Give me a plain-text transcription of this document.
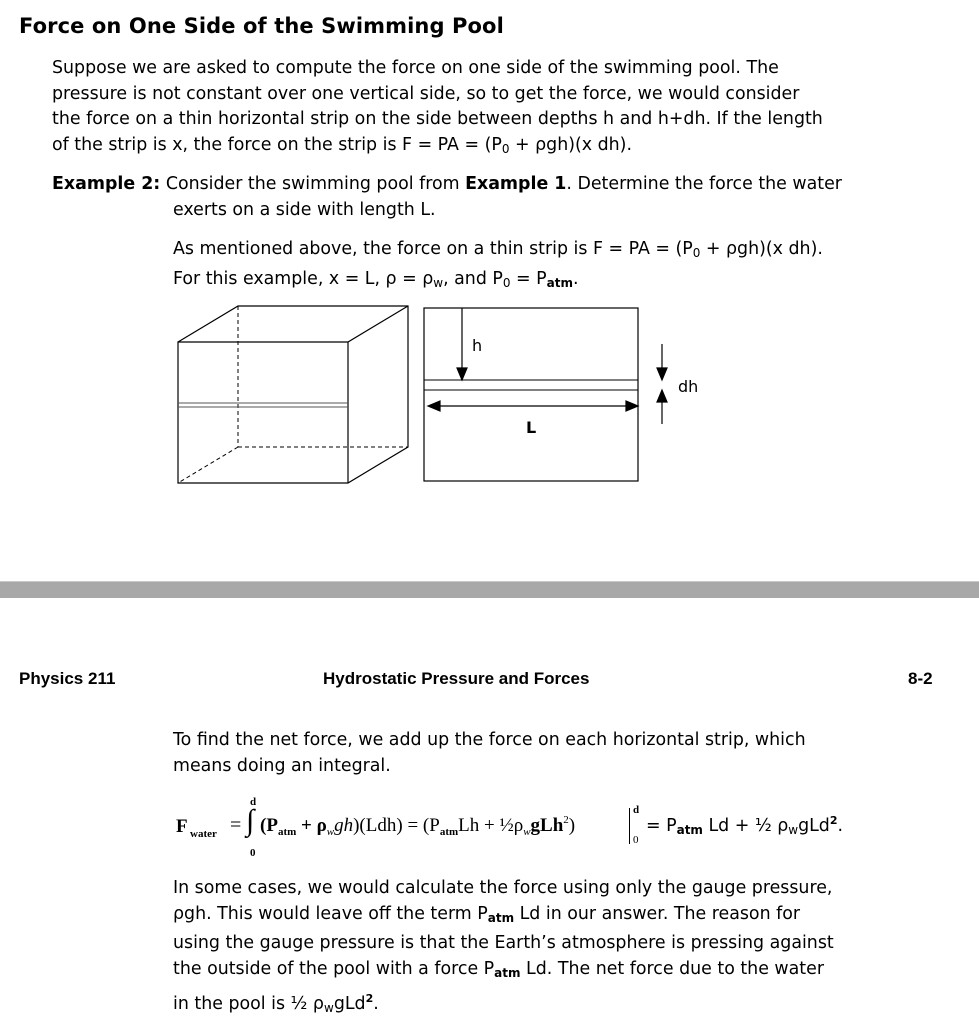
Force on One Side of the Swimming Pool

Suppose we are asked to compute the force on one side of the swimming pool. The

pressure is not constant over one vertical side, so to get the force, we would consider

the force on a thin horizontal strip on the side between depths h and h+dh. If the length

of the strip is x, the force on the strip is F = PA = $(P_0 + \rho gh)(x$ dh).

Example 2: Consider the swimming pool from Example 1. Determine the force the water

exerts on a side with length L.

As mentioned above, the force on a thin strip is F = PA = $(P_0 + \rho gh)(x$ dh).

For this example, x = L, $\rho = \rho_w$, and $P_0$ = Patm.

h
dh
L
Physics 211	Hydrostatic Pressure and Forces	8-2

To find the net force, we add up the force on each horizontal strip, which

means doing an integral.

F water =
d
∫
0
$(P_{atm} + \rho_wgh)(Ldh) = (P_{atm}Lh$ + $\frac{1}{2}\rho_wgLh^2$)
d
0
= Patm Ld + ½ $\rho_wgLd^2$.

In some cases, we would calculate the force using only the gauge pressure,

ρgh. This would leave off the term Patm Ld in our answer. The reason for

using the gauge pressure is that the Earth’s atmosphere is pressing against

the outside of the pool with a force Patm Ld. The net force due to the water

in the pool is ½ $\rho_wgLd^2$.
